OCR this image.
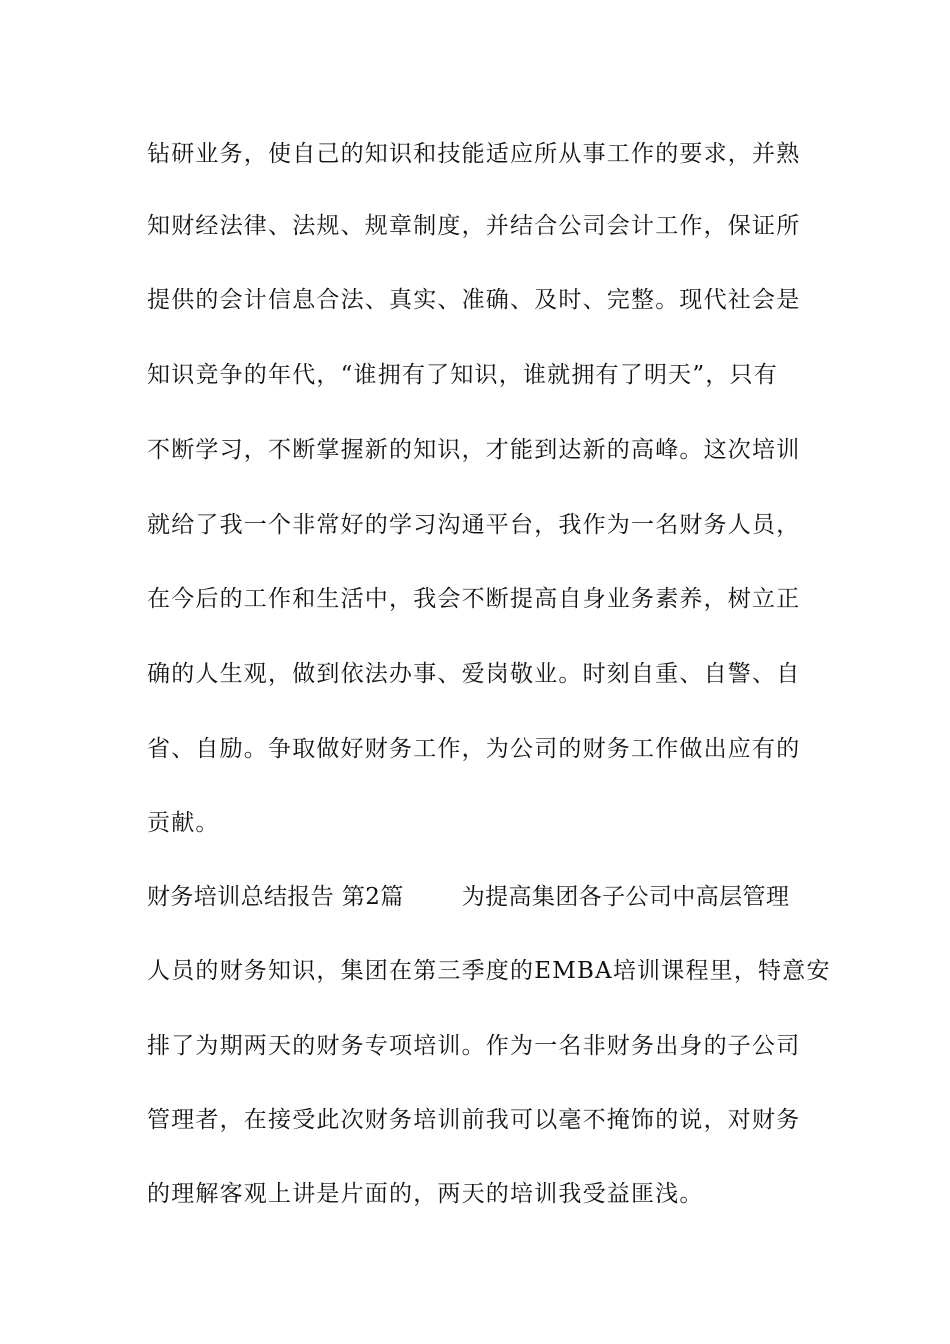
钻研业务，使自己的知识和技能适应所从事工作的要求，并熟
知财经法律、法规、规章制度，并结合公司会计工作，保证所
提供的会计信息合法、真实、准确、及时、完整。现代社会是
知识竞争的年代，“谁拥有了知识，谁就拥有了明天”，只有
不断学习，不断掌握新的知识，才能到达新的高峰。这次培训
就给了我一个非常好的学习沟通平台，我作为一名财务人员，
在今后的工作和生活中，我会不断提高自身业务素养，树立正
确的人生观，做到依法办事、爱岗敬业。时刻自重、自警、自
省、自励。争取做好财务工作，为公司的财务工作做出应有的
贡献。
财务培训总结报告 第2篇	为提高集团各子公司中高层管理
人员的财务知识，集团在第三季度的EMBA培训课程里，特意安
排了为期两天的财务专项培训。作为一名非财务出身的子公司
管理者，在接受此次财务培训前我可以毫不掩饰的说，对财务
的理解客观上讲是片面的，两天的培训我受益匪浅。
